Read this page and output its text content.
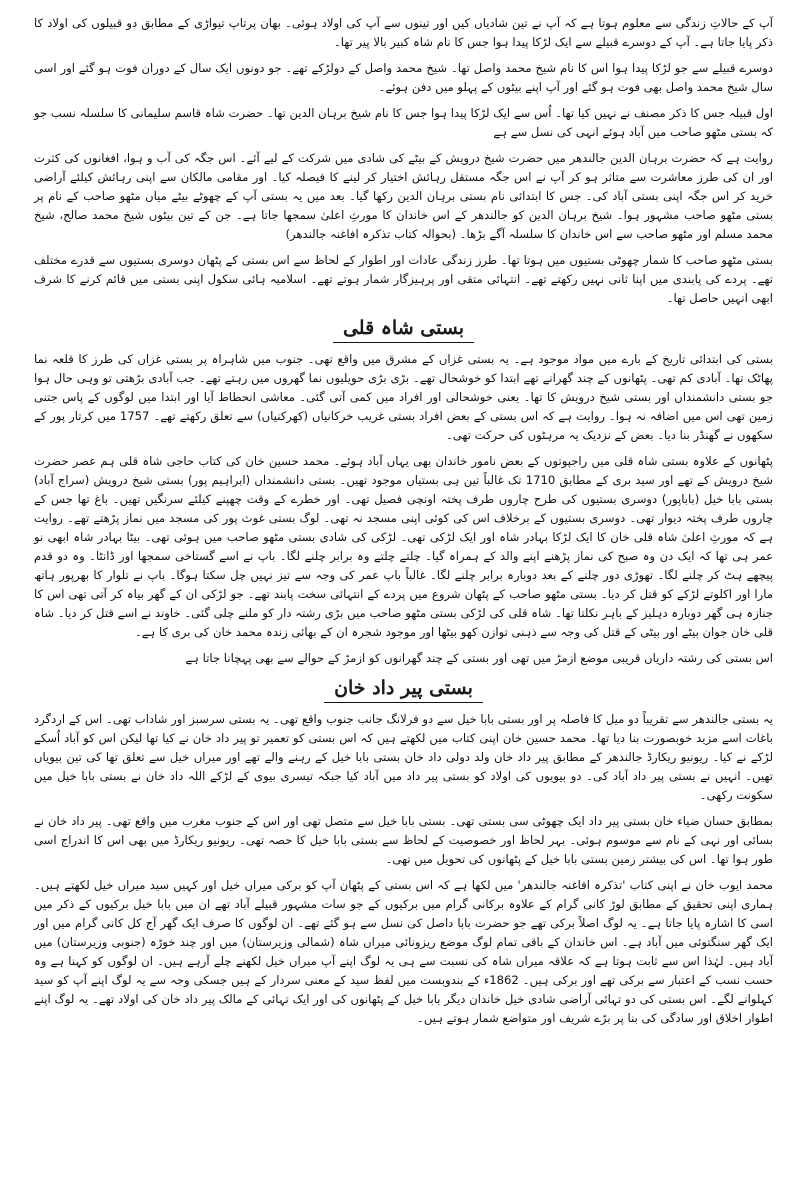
آپ کے حالاتِ زندگی سے معلوم ہوتا ہے کہ آپ نے تین شادیاں کیں اور تینوں سے آپ کی اولاد ہوئی۔ بھان پرتاپ تیواڑی کے مطابق دو قبیلوں کی اولاد کا ذکر پایا جاتا ہے۔ آپ کے دوسرے قبیلے سے ایک لڑکا پیدا ہوا جس کا نام شاہ کبیر بالا پیر تھا۔

دوسرے قبیلے سے جو لڑکا پیدا ہوا اس کا نام شیخ محمد واصل تھا۔ شیخ محمد واصل کے دولڑکے تھے۔ جو دونوں ایک سال کے دوران فوت ہو گئے اور اسی سال شیخ محمد واصل بھی فوت ہو گئے اور آپ اپنے بیٹوں کے پہلو میں دفن ہوئے۔

اول قبیلہ جس کا ذکر مصنف نے نہیں کیا تھا۔ اُس سے ایک لڑکا پیدا ہوا جس کا نام شیخ برہان الدین تھا۔ حضرت شاہ قاسم سلیمانی کا سلسلہ نسب جو کہ بستی مٹھو صاحب میں آباد ہوئے انہی کی نسل سے ہے

روایت ہے کہ حضرت برہان الدین جالندھر میں حضرت شیخ درویش کے بیٹے کی شادی میں شرکت کے لیے آئے۔ اس جگہ کی آب و ہوا، افغانوں کی کثرت اور ان کی طرز معاشرت سے متاثر ہو کر آپ نے اس جگہ مستقل رہائش اختیار کر لینے کا فیصلہ کیا۔ اور مقامی مالکان سے اپنی رہائش کیلئے آراضی خرید کر اس جگہ اپنی بستی آباد کی۔ جس کا ابتدائی نام بستی برہان الدین رکھا گیا۔ بعد میں یہ بستی آپ کے چھوٹے بیٹے میاں مٹھو صاحب کے نام پر بستی مٹھو صاحب مشہور ہوا۔ شیخ برہان الدین کو جالندھر کے اس خاندان کا مورثِ اعلیٰ سمجھا جاتا ہے۔ جن کے تین بیٹوں شیخ محمد صالح، شیخ محمد مسلم اور مٹھو صاحب سے اس خاندان کا سلسلہ آگے بڑھا۔ (بحوالہ کتاب تذکرہ افاغنہ جالندھر)

بستی مٹھو صاحب کا شمار چھوٹی بستیوں میں ہوتا تھا۔ طرز زندگی عادات اور اطوار کے لحاظ سے اس بستی کے پٹھان دوسری بستیوں سے قدرے مختلف تھے۔ پردے کی پابندی میں اپنا ثانی نہیں رکھتے تھے۔ انتہائی متقی اور پرہیزگار شمار ہوتے تھے۔ اسلامیہ ہائی سکول اپنی بستی میں قائم کرنے کا شرف ابھی انہیں حاصل تھا۔

بستی شاہ قلی

بستی کی ابتدائی تاریخ کے بارے میں مواد موجود ہے۔ یہ بستی غزاں کے مشرق میں واقع تھی۔ جنوب میں شاہراہ پر بستی غزاں کی طرز کا قلعہ نما پھاٹک تھا۔ آبادی کم تھی۔ پٹھانوں کے چند گھرانے تھے ابتدا کو خوشحال تھے۔ بڑی بڑی حویلیوں نما گھروں میں رہتے تھے۔ جب آبادی بڑھتی تو وہی حال ہوا جو بستی دانشمنداں اور بستی شیخ درویش کا تھا۔ یعنی خوشحالی اور افراد میں کمی آتی گئی۔ معاشی انحطاط آیا اور ابتدا میں لوگوں کے پاس جتنی زمین تھی اس میں اضافہ نہ ہوا۔ روایت ہے کہ اس بستی کے بعض افراد بستی غریب خرکانیاں (کھرکنیاں) سے تعلق رکھتے تھے۔ 1757 میں کرتار پور کے سکھوں نے گھنڈر بنا دیا۔ بعض کے نزدیک یہ مرہٹوں کی حرکت تھی۔

پٹھانوں کے علاوہ بستی شاہ قلی میں راجپوتوں کے بعض نامور خاندان بھی یہاں آباد ہوئے۔ محمد حسین خان کی کتاب حاجی شاہ قلی ہم عصر حضرت شیخ درویش کے تھے اور سید بری کے مطابق 1710 تک غالباً تین ہی بستیاں موجود تھیں۔ بستی دانشمنداں (ابراہیم پور) بستی شیخ درویش (سراج آباد) بستی بابا خیل (باباپور) دوسری بستیوں کی طرح چاروں طرف پختہ اونچی فصیل تھی۔ اور خطرے کے وقت چھپنے کیلئے سرنگیں تھیں۔ باغ تھا جس کے چاروں طرف پختہ دیوار تھی۔ دوسری بستیوں کے برخلاف اس کی کوئی اپنی مسجد نہ تھی۔ لوگ بستی غوث پور کی مسجد میں نماز پڑھتے تھے۔ روایت ہے کہ مورثِ اعلیٰ شاہ قلی خان کا ایک لڑکا بہادر شاہ اور ایک لڑکی تھی۔ لڑکی کی شادی بستی مٹھو صاحب میں ہوئی تھی۔ بیٹا بہادر شاہ ابھی نو عمر ہی تھا کہ ایک دن وہ صبح کی نماز پڑھنے اپنے والد کے ہمراہ گیا۔ چلتے چلتے وہ برابر چلنے لگا۔ باپ نے اسے گستاخی سمجھا اور ڈانٹا۔ وہ دو قدم پیچھے ہٹ کر چلنے لگا۔ تھوڑی دور چلنے کے بعد دوبارہ برابر چلنے لگا۔ غالباً باپ عمر کی وجہ سے تیز نہیں چل سکتا ہوگا۔ باپ نے تلوار کا بھرپور ہاتھ مارا اور اکلوتے لڑکے کو قتل کر دیا۔ بستی مٹھو صاحب کے پٹھان شروع میں پردے کے انتہائی سخت پابند تھے۔ جو لڑکی ان کے گھر بیاہ کر آتی تھی اس کا جنازہ ہی گھر دوبارہ دہلیز کے باہر نکلتا تھا۔ شاہ قلی کی لڑکی بستی مٹھو صاحب میں بڑی رشتہ دار کو ملنے چلی گئی۔ خاوند نے اسے قتل کر دیا۔ شاہ قلی خان جوان بیٹے اور بیٹی کے قتل کی وجہ سے ذہنی توازن کھو بیٹھا اور موجود شجرہ ان کے بھائی زندہ محمد خان کی بری کا ہے۔

اس بستی کی رشتہ داریاں قریبی موضع ازمڑ میں تھی اور بستی کے چند گھرانوں کو ازمڑ کے حوالے سے بھی پہچانا جاتا ہے

بستی پیر داد خان

یہ بستی جالندھر سے تقریباً دو میل کا فاصلہ پر اور بستی بابا خیل سے دو فرلانگ جانب جنوب واقع تھی۔ یہ بستی سرسبز اور شاداب تھی۔ اس کے اردگرد باغات اسے مزید خوبصورت بنا دیا تھا۔ محمد حسین خان اپنی کتاب میں لکھتے ہیں کہ اس بستی کو تعمیر تو پیر داد خان نے کیا تھا لیکن اس کو آباد اُسکے لڑکے نے کیا۔ ریونیو ریکارڈ جالندھر کے مطابق پیر داد خان ولد دولی داد خان بستی بابا خیل کے رہنے والے تھے اور میراں خیل سے تعلق تھا کی تین بیویاں تھیں۔ انہیں نے بستی پیر داد آباد کی۔ دو بیویوں کی اولاد کو بستی پیر داد میں آباد کیا جبکہ تیسری بیوی کے لڑکے اللہ داد خان نے بستی بابا خیل میں سکونت رکھی۔

بمطابق حسان ضیاء خان بستی پیر داد ایک چھوٹی سی بستی تھی۔ بستی بابا خیل سے متصل تھی اور اس کے جنوب مغرب میں واقع تھی۔ پیر داد خان نے بسائی اور نہی کے نام سے موسوم ہوئی۔ بہر لحاظ اور خصوصیت کے لحاظ سے بستی بابا خیل کا حصہ تھی۔ ریونیو ریکارڈ میں بھی اس کا اندراج اسی طور ہوا تھا۔ اس کی بیشتر زمین بستی بابا خیل کے پٹھانوں کی تحویل میں تھی۔

محمد ایوب خان نے اپنی کتاب 'تذکرہ افاغنہ جالندھر' میں لکھا ہے کہ اس بستی کے پٹھان آپ کو برکی میراں خیل اور کہیں سید میراں خیل لکھتے ہیں۔ ہماری اپنی تحقیق کے مطابق لوڑ کانی گرام کے علاوہ برکانی گرام میں برکیوں کے جو سات مشہور قبیلے آباد تھے ان میں بابا خیل برکیوں کے ذکر میں اسی کا اشارہ پایا جاتا ہے۔ یہ لوگ اصلاً برکی تھے جو حضرت بابا داصل کی نسل سے ہو گئے تھے۔ ان لوگوں کا صرف ایک گھر آج کل کانی گرام میں اور ایک گھر سنگتوئی میں آباد ہے۔ اس خاندان کے باقی تمام لوگ موضع ریزونائی میراں شاہ (شمالی وزیرستان) میں اور چند خوڑہ (جنوبی وزیرستان) میں آباد ہیں۔ لہٰذا اس سے ثابت ہوتا ہے کہ علاقہ میراں شاہ کی نسبت سے ہی یہ لوگ اپنے آپ میراں خیل لکھنے چلے آرہے ہیں۔ ان لوگوں کو کہنا ہے وہ حسب نسب کے اعتبار سے برکی تھے اور برکی ہیں۔ 1862ء کے بندوبست میں لفظ سید کے معنی سردار کے ہیں جسکی وجہ سے یہ لوگ اپنے آپ کو سید کہلوانے لگے۔ اس بستی کی دو تہائی آراضی شادی خیل خاندان دیگر بابا خیل کے پٹھانوں کی اور ایک تہائی کے مالک پیر داد خان کی اولاد تھے۔ یہ لوگ اپنے اطوار اخلاق اور سادگی کی بنا پر بڑے شریف اور متواضع شمار ہوتے ہیں۔
